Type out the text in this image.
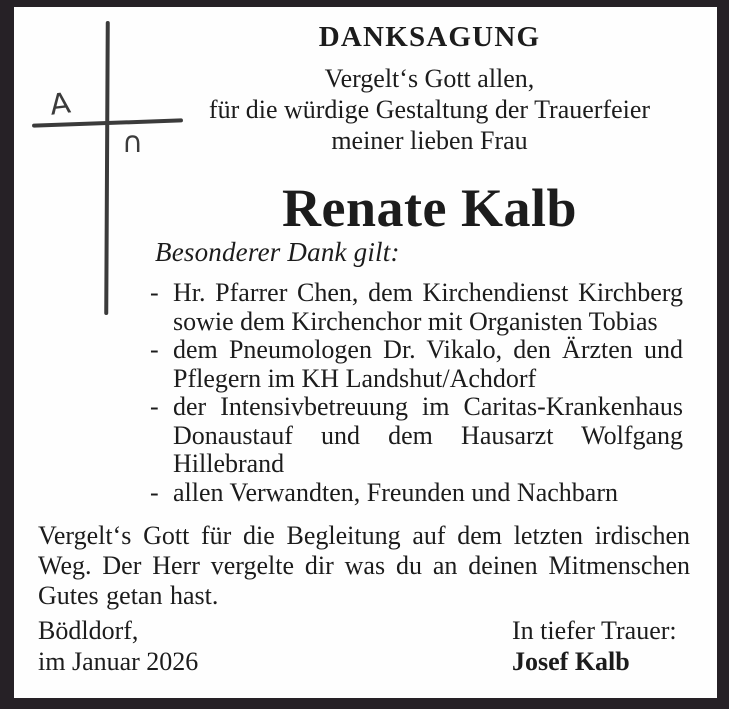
A
∩
DANKSAGUNG
Vergelt‘s Gott allen,
für die würdige Gestaltung der Trauerfeier
meiner lieben Frau
Renate Kalb
Besonderer Dank gilt:
- Hr. Pfarrer Chen, dem Kirchendienst Kirchberg sowie dem Kirchenchor mit Organisten Tobias
- dem Pneumologen Dr. Vikalo, den Ärzten und Pflegern im KH Landshut/Achdorf
- der Intensivbetreuung im Caritas-Krankenhaus Donaustauf und dem Hausarzt Wolfgang Hillebrand
- allen Verwandten, Freunden und Nachbarn
Vergelt‘s Gott für die Begleitung auf dem letzten irdischen Weg. Der Herr vergelte dir was du an deinen Mitmenschen Gutes getan hast.
Bödldorf,
im Januar 2026
In tiefer Trauer:
Josef Kalb
